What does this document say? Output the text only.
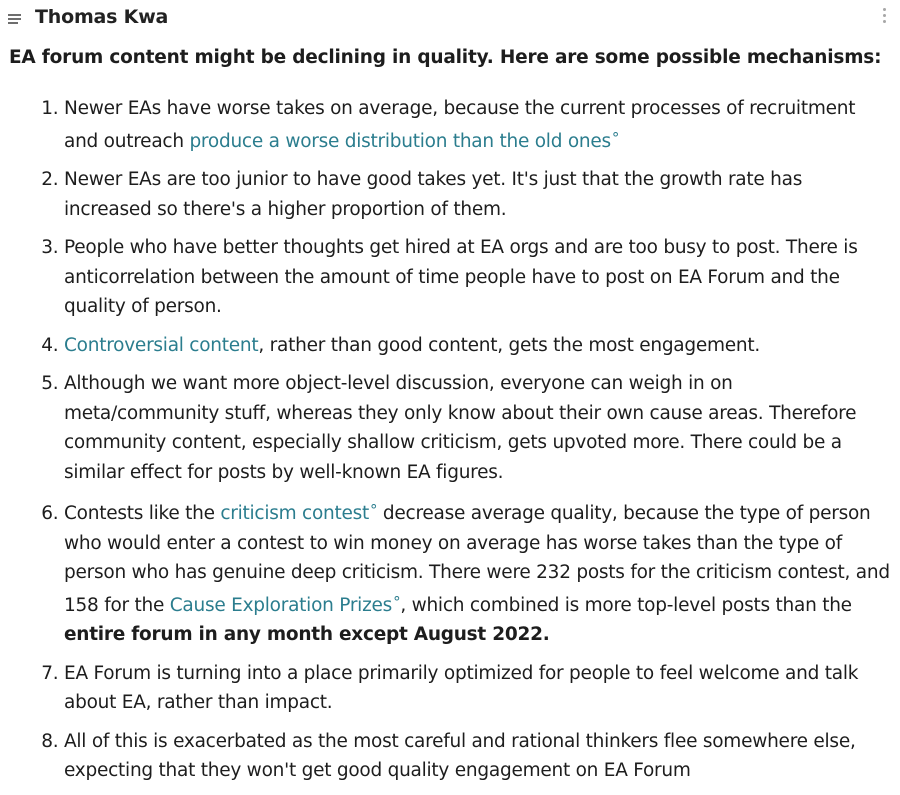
Thomas Kwa

EA forum content might be declining in quality. Here are some possible mechanisms:

1. Newer EAs have worse takes on average, because the current processes of recruitment and outreach produce a worse distribution than the old ones°
2. Newer EAs are too junior to have good takes yet. It's just that the growth rate has increased so there's a higher proportion of them.
3. People who have better thoughts get hired at EA orgs and are too busy to post. There is anticorrelation between the amount of time people have to post on EA Forum and the quality of person.
4. Controversial content, rather than good content, gets the most engagement.
5. Although we want more object-level discussion, everyone can weigh in on meta/community stuff, whereas they only know about their own cause areas. Therefore community content, especially shallow criticism, gets upvoted more. There could be a similar effect for posts by well-known EA figures.
6. Contests like the criticism contest° decrease average quality, because the type of person who would enter a contest to win money on average has worse takes than the type of person who has genuine deep criticism. There were 232 posts for the criticism contest, and 158 for the Cause Exploration Prizes°, which combined is more top-level posts than the entire forum in any month except August 2022.
7. EA Forum is turning into a place primarily optimized for people to feel welcome and talk about EA, rather than impact.
8. All of this is exacerbated as the most careful and rational thinkers flee somewhere else, expecting that they won't get good quality engagement on EA Forum
